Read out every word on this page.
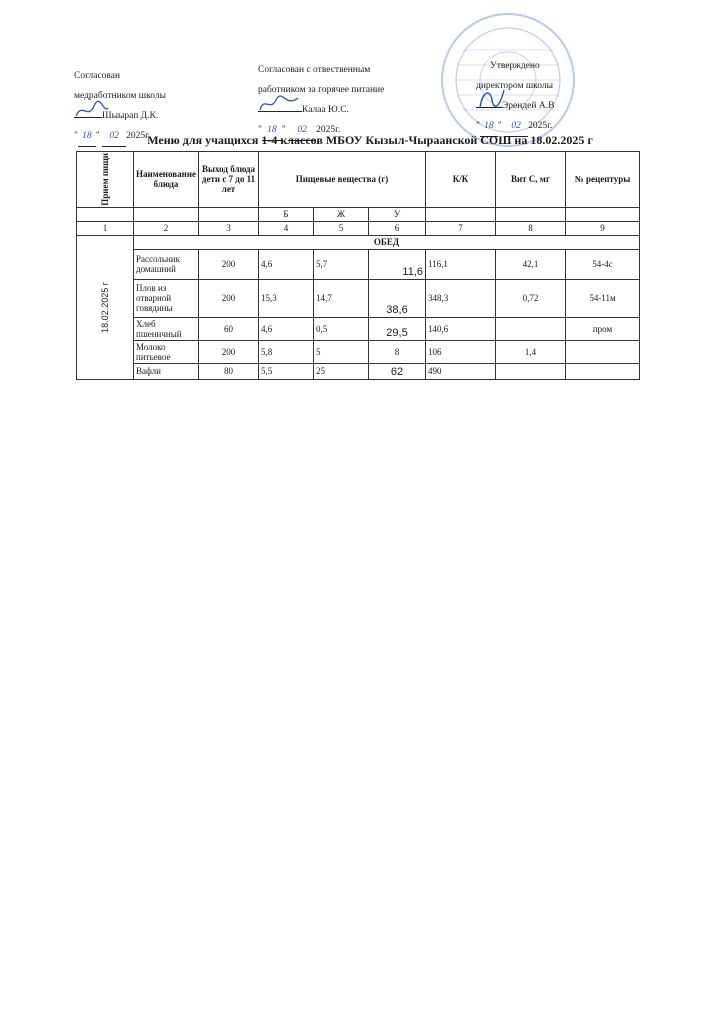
Согласован
медработником школы
Шыырап Д.К.
" 18 " 02 2025г.
Согласован с отвественным
работником за горячее питание
Калаа Ю.С.
" 18 " 02 2025г.
Утверждено
директором школы
Эрендей А.В
" 18 " 02 2025г.
Меню для учащихся 1-4 классов МБОУ Кызыл-Чыраанской СОШ на 18.02.2025 г
Прием пищи	Наименование блюда	Выход блюда дети с 7 до 11 лет	Пищевые вещества (г)			К/К	Вит С, мг	№ рецептуры
			Б	Ж	У			
1	2	3	4	5	6	7	8	9

18.02.2025 г	ОБЕД							
	Рассольник домашний	200	4,6	5,7	11,6	116,1	42,1	54-4с
	Плов из отварной говядины	200	15,3	14,7	38,6	348,3	0,72	54-11м
	Хлеб пшеничный	60	4,6	0,5	29,5	140,6		пром
	Молоко питьевое	200	5,8	5	8	106	1,4	
	Вафли	80	5,5	25	62	490		
